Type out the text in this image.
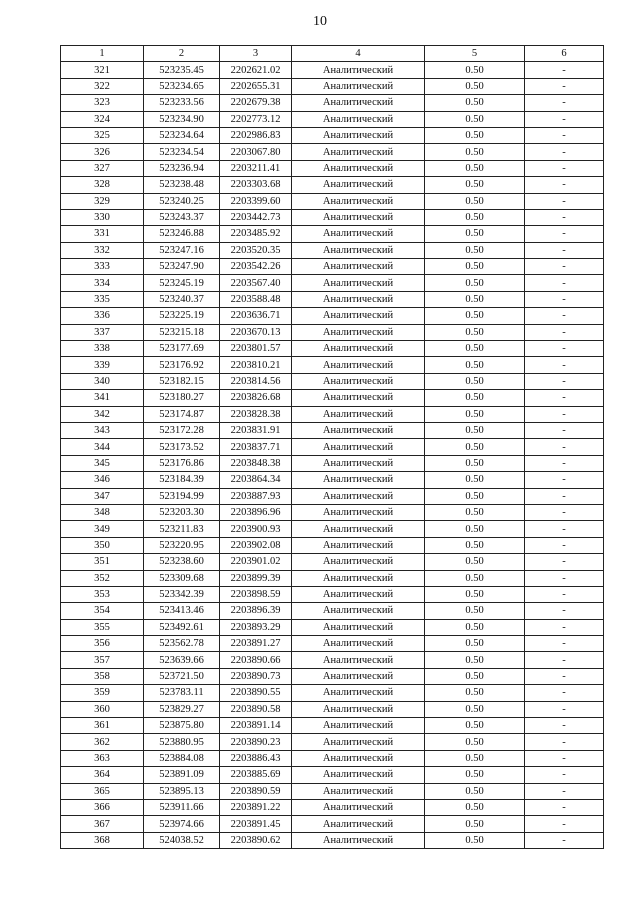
10
1	2	3	4	5	6
321	523235.45	2202621.02	Аналитический	0.50	-
322	523234.65	2202655.31	Аналитический	0.50	-
323	523233.56	2202679.38	Аналитический	0.50	-
324	523234.90	2202773.12	Аналитический	0.50	-
325	523234.64	2202986.83	Аналитический	0.50	-
326	523234.54	2203067.80	Аналитический	0.50	-
327	523236.94	2203211.41	Аналитический	0.50	-
328	523238.48	2203303.68	Аналитический	0.50	-
329	523240.25	2203399.60	Аналитический	0.50	-
330	523243.37	2203442.73	Аналитический	0.50	-
331	523246.88	2203485.92	Аналитический	0.50	-
332	523247.16	2203520.35	Аналитический	0.50	-
333	523247.90	2203542.26	Аналитический	0.50	-
334	523245.19	2203567.40	Аналитический	0.50	-
335	523240.37	2203588.48	Аналитический	0.50	-
336	523225.19	2203636.71	Аналитический	0.50	-
337	523215.18	2203670.13	Аналитический	0.50	-
338	523177.69	2203801.57	Аналитический	0.50	-
339	523176.92	2203810.21	Аналитический	0.50	-
340	523182.15	2203814.56	Аналитический	0.50	-
341	523180.27	2203826.68	Аналитический	0.50	-
342	523174.87	2203828.38	Аналитический	0.50	-
343	523172.28	2203831.91	Аналитический	0.50	-
344	523173.52	2203837.71	Аналитический	0.50	-
345	523176.86	2203848.38	Аналитический	0.50	-
346	523184.39	2203864.34	Аналитический	0.50	-
347	523194.99	2203887.93	Аналитический	0.50	-
348	523203.30	2203896.96	Аналитический	0.50	-
349	523211.83	2203900.93	Аналитический	0.50	-
350	523220.95	2203902.08	Аналитический	0.50	-
351	523238.60	2203901.02	Аналитический	0.50	-
352	523309.68	2203899.39	Аналитический	0.50	-
353	523342.39	2203898.59	Аналитический	0.50	-
354	523413.46	2203896.39	Аналитический	0.50	-
355	523492.61	2203893.29	Аналитический	0.50	-
356	523562.78	2203891.27	Аналитический	0.50	-
357	523639.66	2203890.66	Аналитический	0.50	-
358	523721.50	2203890.73	Аналитический	0.50	-
359	523783.11	2203890.55	Аналитический	0.50	-
360	523829.27	2203890.58	Аналитический	0.50	-
361	523875.80	2203891.14	Аналитический	0.50	-
362	523880.95	2203890.23	Аналитический	0.50	-
363	523884.08	2203886.43	Аналитический	0.50	-
364	523891.09	2203885.69	Аналитический	0.50	-
365	523895.13	2203890.59	Аналитический	0.50	-
366	523911.66	2203891.22	Аналитический	0.50	-
367	523974.66	2203891.45	Аналитический	0.50	-
368	524038.52	2203890.62	Аналитический	0.50	-
